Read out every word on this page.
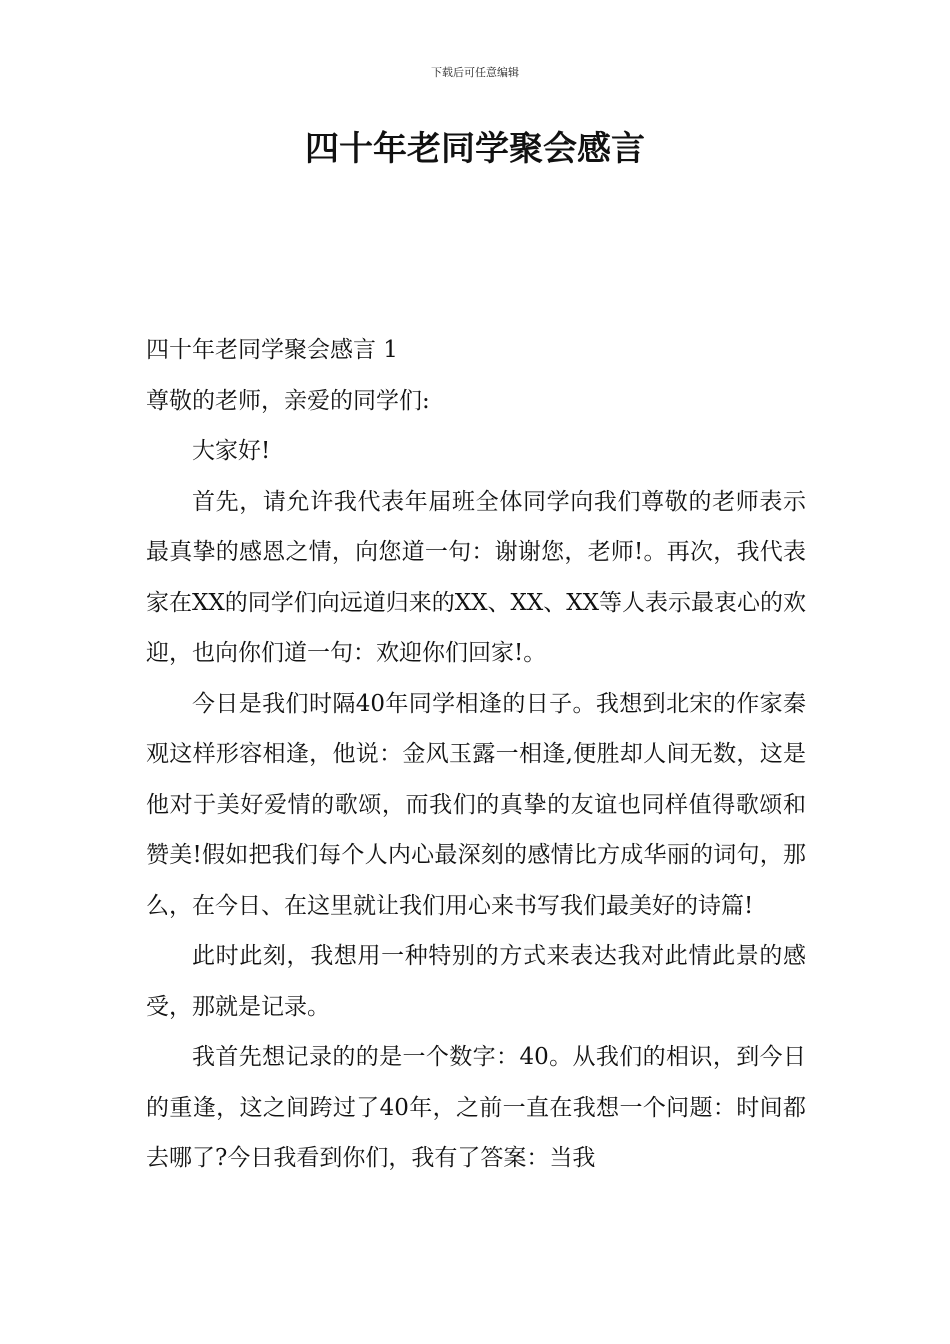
下载后可任意编辑
四十年老同学聚会感言

四十年老同学聚会感言 1

尊敬的老师，亲爱的同学们:

大家好!

首先，请允许我代表年届班全体同学向我们尊敬的老师表示最真挚的感恩之情，向您道一句：谢谢您，老师!。再次，我代表家在XX的同学们向远道归来的XX、XX、XX等人表示最衷心的欢迎，也向你们道一句：欢迎你们回家!。

今日是我们时隔40年同学相逢的日子。我想到北宋的作家秦观这样形容相逢，他说：金风玉露一相逢,便胜却人间无数，这是他对于美好爱情的歌颂，而我们的真挚的友谊也同样值得歌颂和赞美!假如把我们每个人内心最深刻的感情比方成华丽的词句，那么，在今日、在这里就让我们用心来书写我们最美好的诗篇!

此时此刻，我想用一种特别的方式来表达我对此情此景的感受，那就是记录。

我首先想记录的的是一个数字：40。从我们的相识，到今日的重逢，这之间跨过了40年，之前一直在我想一个问题：时间都去哪了?今日我看到你们，我有了答案：当我
